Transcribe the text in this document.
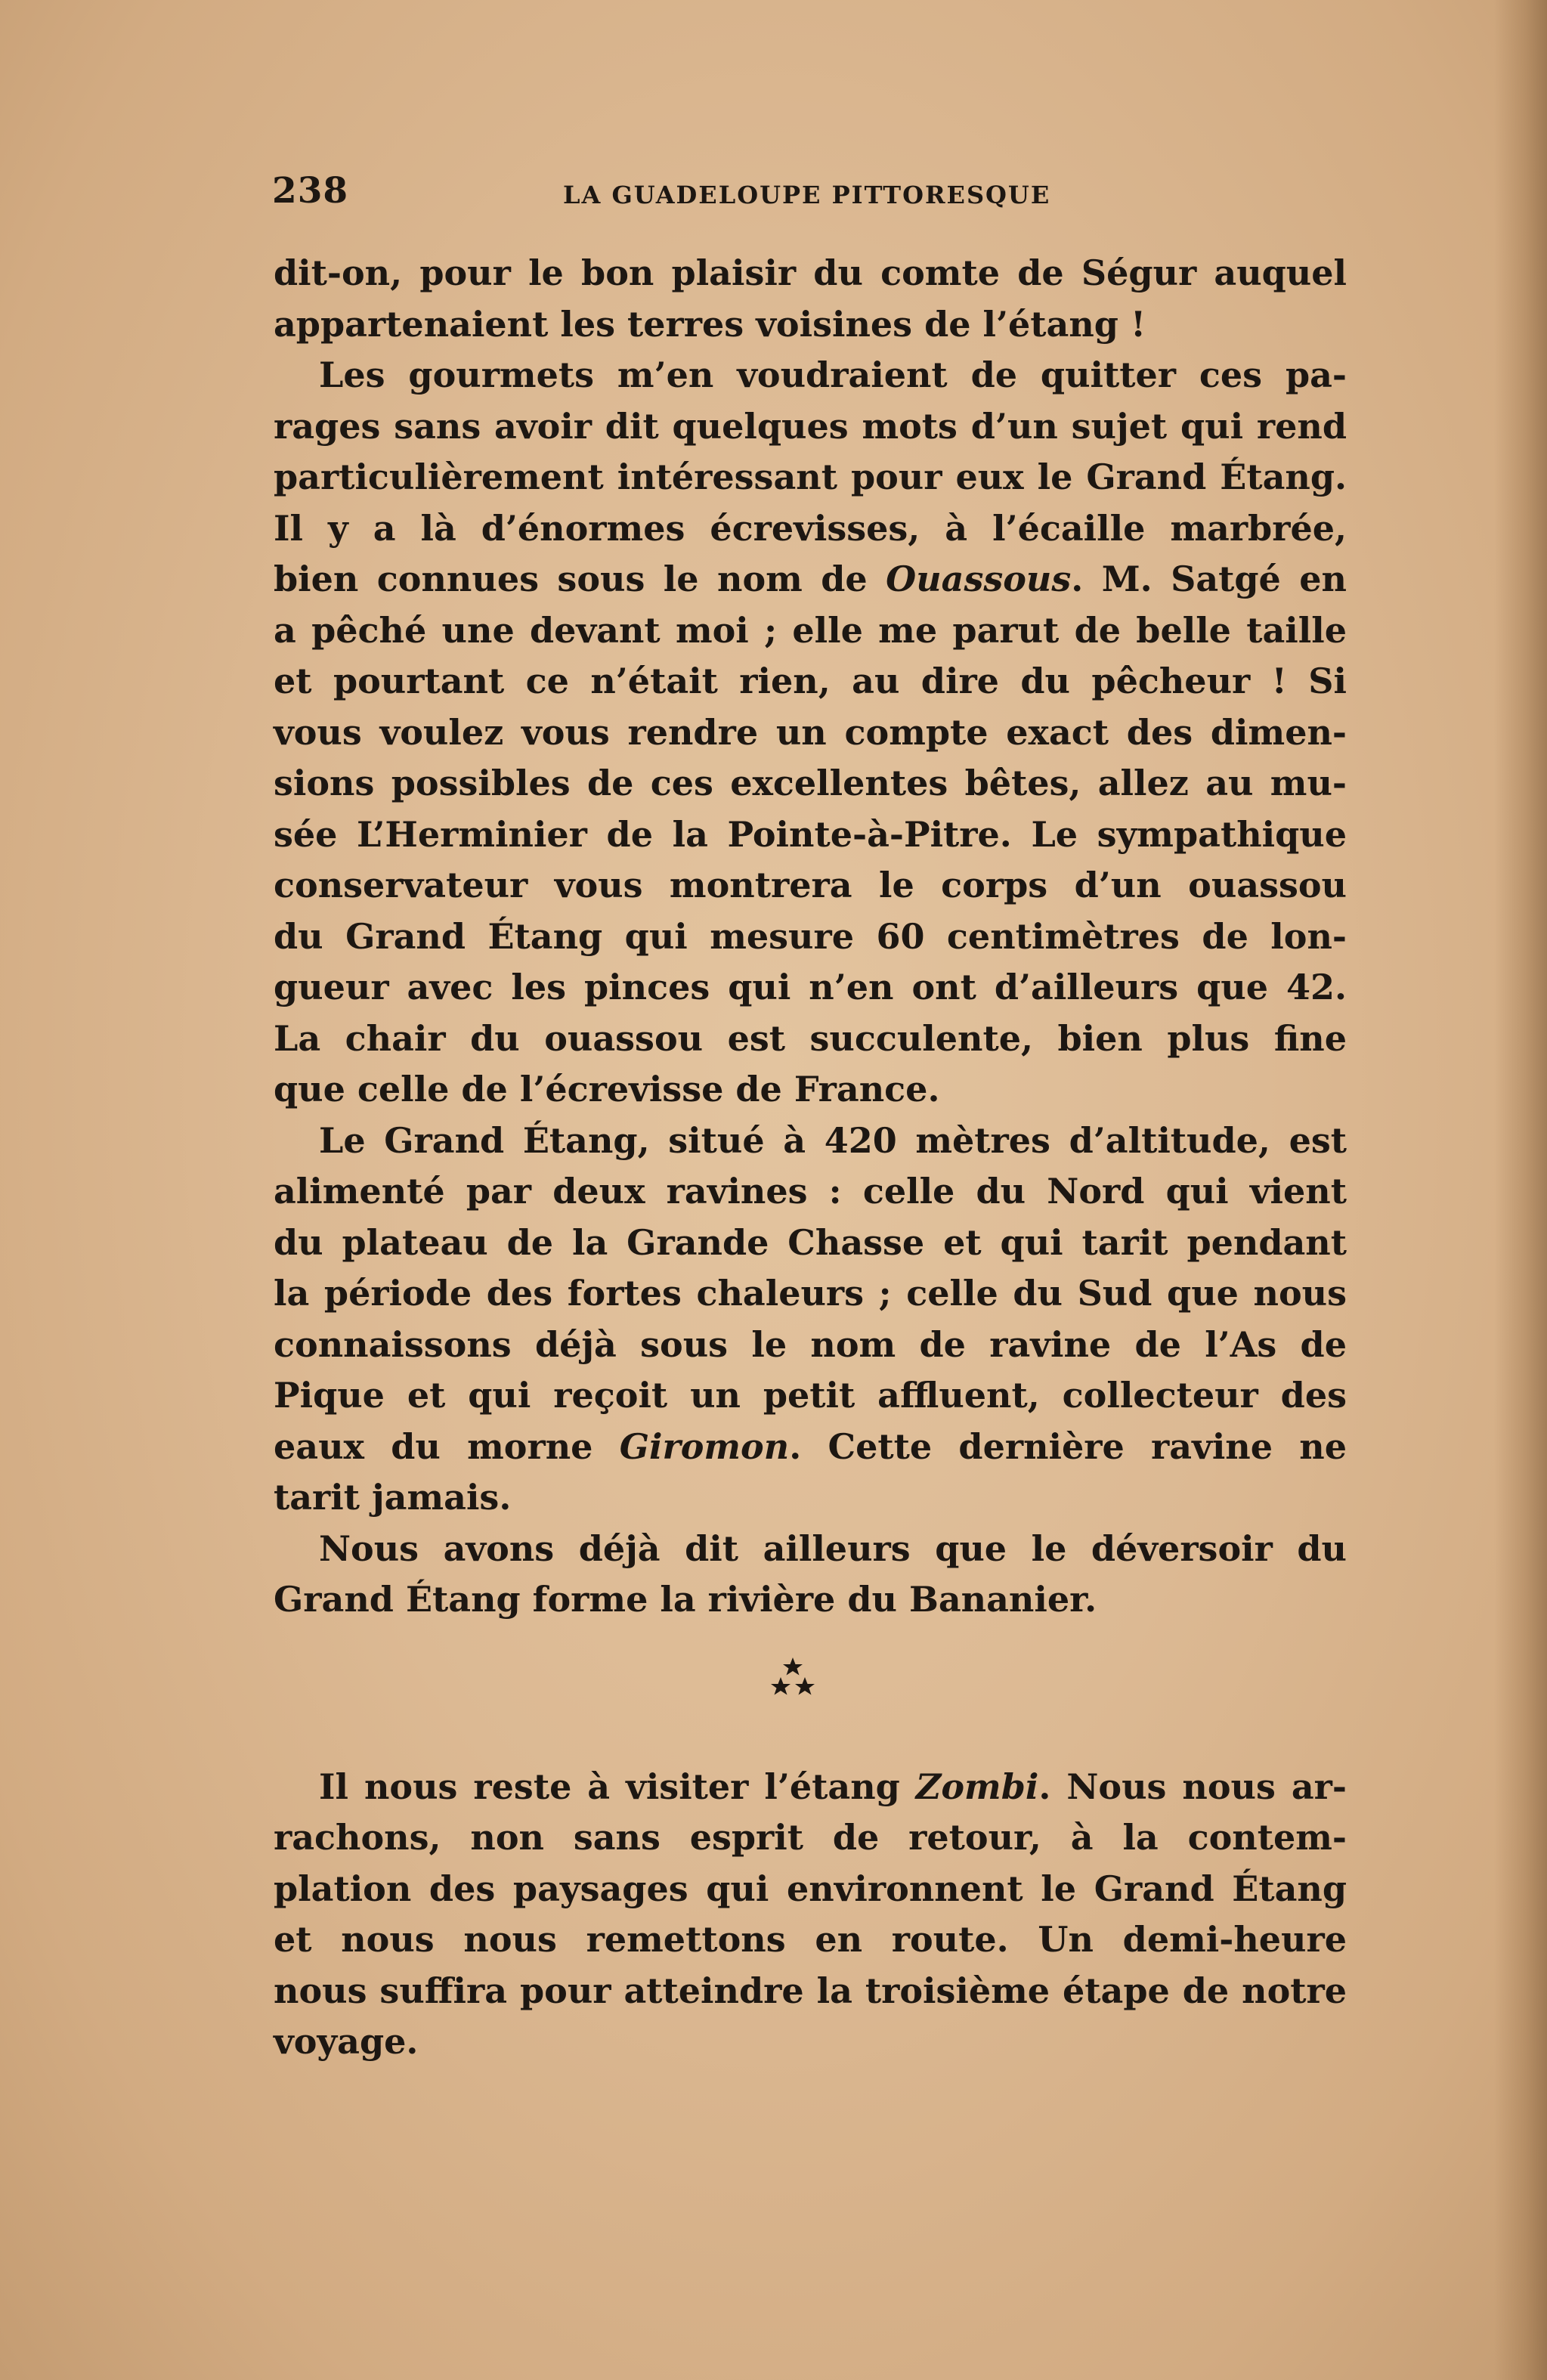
238	LA GUADELOUPE PITTORESQUE
dit-on, pour le bon plaisir du comte de Ségur auquel
appartenaient les terres voisines de l’étang !
Les gourmets m’en voudraient de quitter ces pa-
rages sans avoir dit quelques mots d’un sujet qui rend
particulièrement intéressant pour eux le Grand Étang.
Il y a là d’énormes écrevisses, à l’écaille marbrée,
bien connues sous le nom de Ouassous. M. Satgé en
a pêché une devant moi ; elle me parut de belle taille
et pourtant ce n’était rien, au dire du pêcheur ! Si
vous voulez vous rendre un compte exact des dimen-
sions possibles de ces excellentes bêtes, allez au mu-
sée L’Herminier de la Pointe-à-Pitre. Le sympathique
conservateur vous montrera le corps d’un ouassou
du Grand Étang qui mesure 60 centimètres de lon-
gueur avec les pinces qui n’en ont d’ailleurs que 42.
La chair du ouassou est succulente, bien plus fine
que celle de l’écrevisse de France.
Le Grand Étang, situé à 420 mètres d’altitude, est
alimenté par deux ravines : celle du Nord qui vient
du plateau de la Grande Chasse et qui tarit pendant
la période des fortes chaleurs ; celle du Sud que nous
connaissons déjà sous le nom de ravine de l’As de
Pique et qui reçoit un petit affluent, collecteur des
eaux du morne Giromon. Cette dernière ravine ne
tarit jamais.
Nous avons déjà dit ailleurs que le déversoir du
Grand Étang forme la rivière du Bananier.
Il nous reste à visiter l’étang Zombi. Nous nous ar-
rachons, non sans esprit de retour, à la contem-
plation des paysages qui environnent le Grand Étang
et nous nous remettons en route. Un demi-heure
nous suffira pour atteindre la troisième étape de notre
voyage.
